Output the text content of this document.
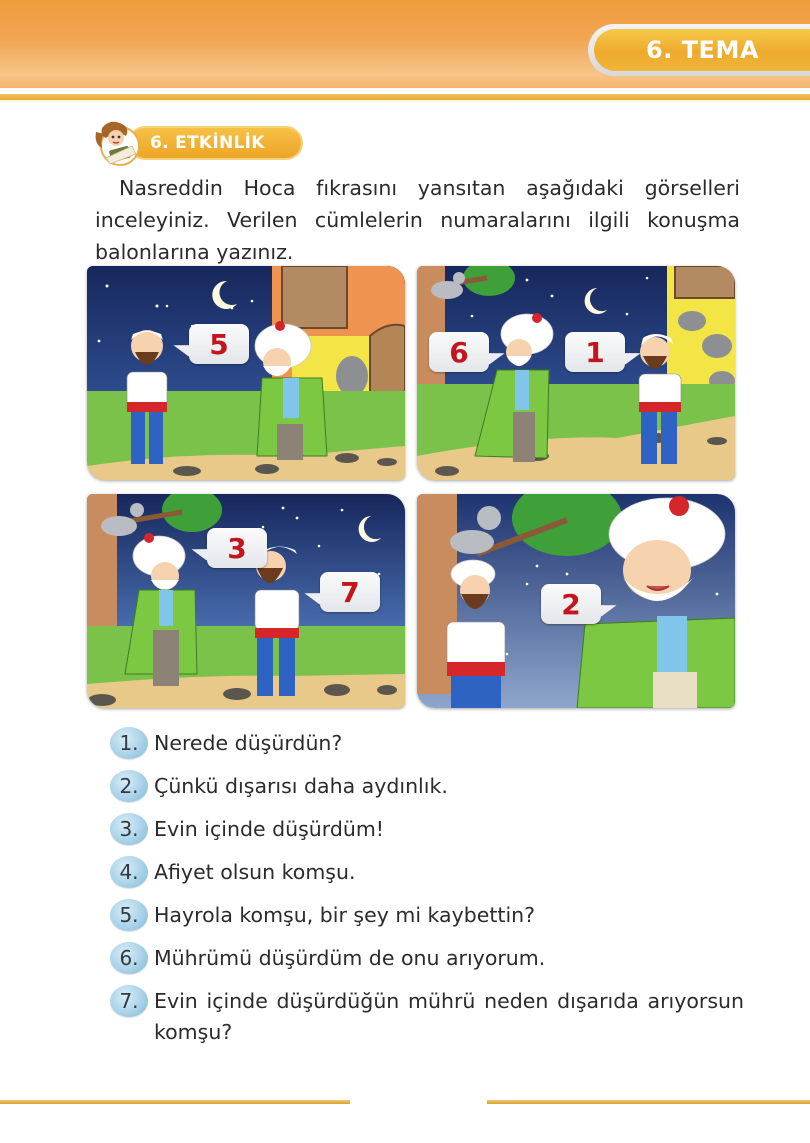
6. TEMA
6. ETKİNLİK

Nasreddin Hoca fıkrasını yansıtan aşağıdaki görselleri inceleyiniz. Verilen cümlelerin numaralarını ilgili konuşma balonlarına yazınız.

5	6	1
3
7	2
1. Nerede düşürdün?
2. Çünkü dışarısı daha aydınlık.
3. Evin içinde düşürdüm!
4. Afiyet olsun komşu.
5. Hayrola komşu, bir şey mi kaybettin?
6. Mührümü düşürdüm de onu arıyorum.
7. Evin içinde düşürdüğün mührü neden dışarıda arıyorsun komşu?
